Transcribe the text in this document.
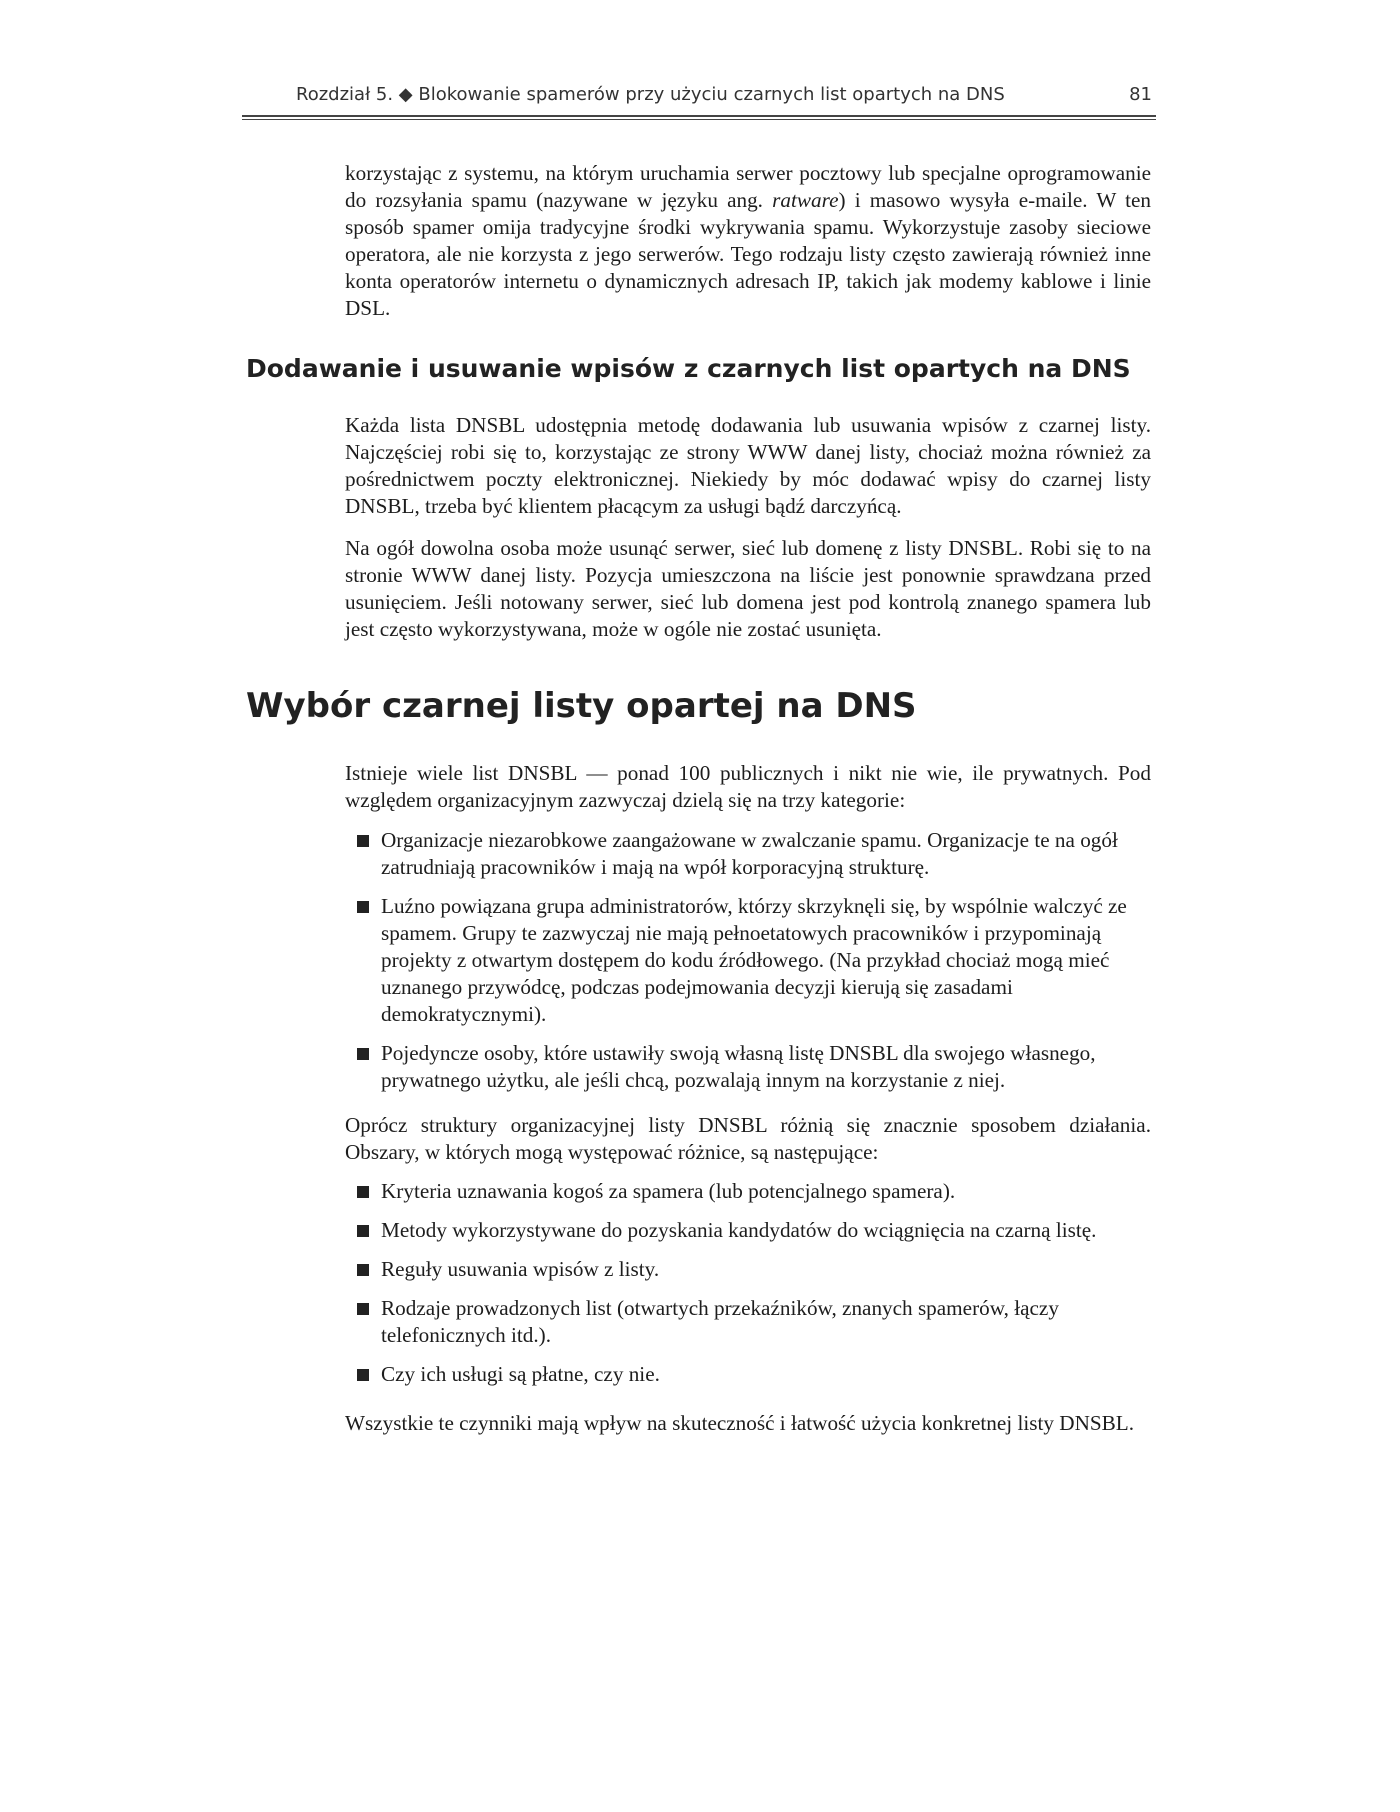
Rozdział 5. ◆ Blokowanie spamerów przy użyciu czarnych list opartych na DNS	81

korzystając z systemu, na którym uruchamia serwer pocztowy lub specjalne oprogramowanie do rozsyłania spamu (nazywane w języku ang. ratware) i masowo wysyła e-maile. W ten sposób spamer omija tradycyjne środki wykrywania spamu. Wykorzystuje zasoby sieciowe operatora, ale nie korzysta z jego serwerów. Tego rodzaju listy często zawierają również inne konta operatorów internetu o dynamicznych adresach IP, takich jak modemy kablowe i linie DSL.

Dodawanie i usuwanie wpisów z czarnych list opartych na DNS

Każda lista DNSBL udostępnia metodę dodawania lub usuwania wpisów z czarnej listy. Najczęściej robi się to, korzystając ze strony WWW danej listy, chociaż można również za pośrednictwem poczty elektronicznej. Niekiedy by móc dodawać wpisy do czarnej listy DNSBL, trzeba być klientem płacącym za usługi bądź darczyńcą.

Na ogół dowolna osoba może usunąć serwer, sieć lub domenę z listy DNSBL. Robi się to na stronie WWW danej listy. Pozycja umieszczona na liście jest ponownie sprawdzana przed usunięciem. Jeśli notowany serwer, sieć lub domena jest pod kontrolą znanego spamera lub jest często wykorzystywana, może w ogóle nie zostać usunięta.

Wybór czarnej listy opartej na DNS

Istnieje wiele list DNSBL — ponad 100 publicznych i nikt nie wie, ile prywatnych. Pod względem organizacyjnym zazwyczaj dzielą się na trzy kategorie:

Organizacje niezarobkowe zaangażowane w zwalczanie spamu. Organizacje te na ogół zatrudniają pracowników i mają na wpół korporacyjną strukturę.
Luźno powiązana grupa administratorów, którzy skrzyknęli się, by wspólnie walczyć ze spamem. Grupy te zazwyczaj nie mają pełnoetatowych pracowników i przypominają projekty z otwartym dostępem do kodu źródłowego. (Na przykład chociaż mogą mieć uznanego przywódcę, podczas podejmowania decyzji kierują się zasadami demokratycznymi).
Pojedyncze osoby, które ustawiły swoją własną listę DNSBL dla swojego własnego, prywatnego użytku, ale jeśli chcą, pozwalają innym na korzystanie z niej.

Oprócz struktury organizacyjnej listy DNSBL różnią się znacznie sposobem działania. Obszary, w których mogą występować różnice, są następujące:

Kryteria uznawania kogoś za spamera (lub potencjalnego spamera).
Metody wykorzystywane do pozyskania kandydatów do wciągnięcia na czarną listę.
Reguły usuwania wpisów z listy.
Rodzaje prowadzonych list (otwartych przekaźników, znanych spamerów, łączy telefonicznych itd.).
Czy ich usługi są płatne, czy nie.

Wszystkie te czynniki mają wpływ na skuteczność i łatwość użycia konkretnej listy DNSBL.
